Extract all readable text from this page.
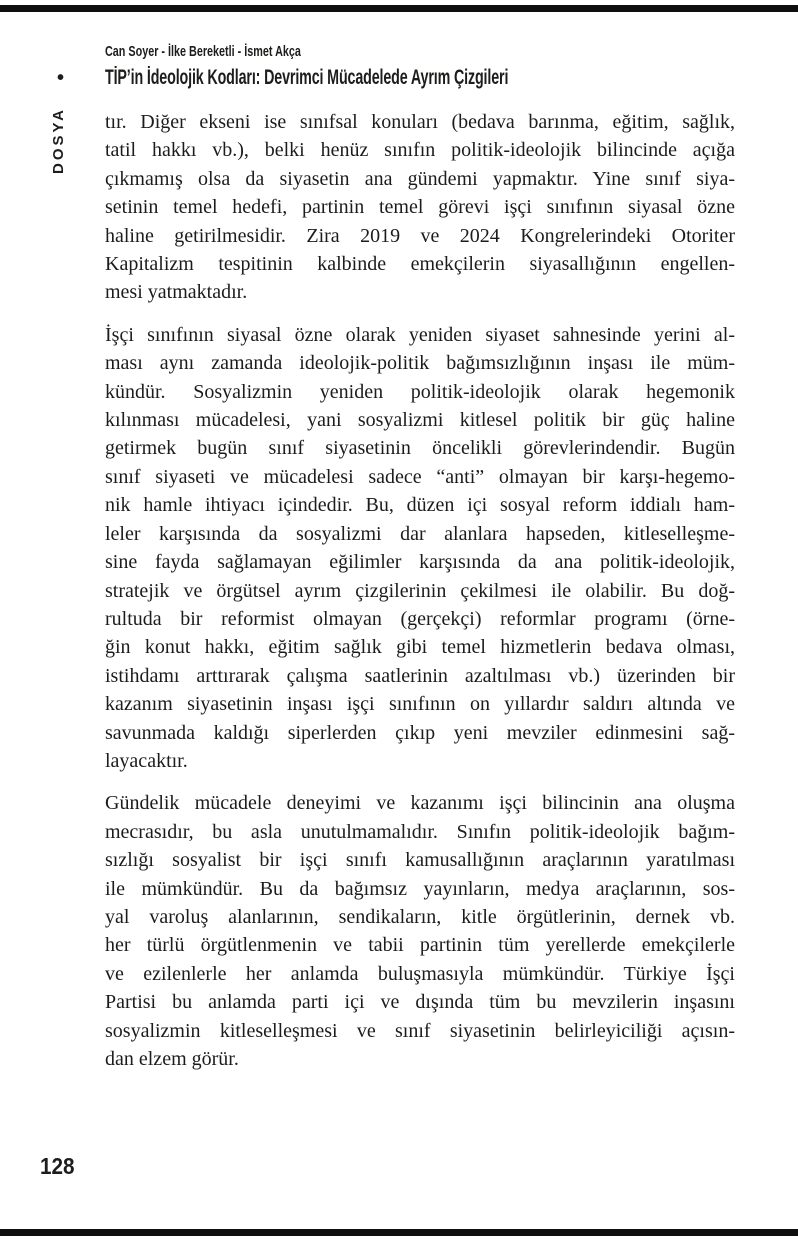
Can Soyer - İlke Bereketli - İsmet Akça
• TİP’in İdeolojik Kodları: Devrimci Mücadelede Ayrım Çizgileri
DOSYA tır. Diğer ekseni ise sınıfsal konuları (bedava barınma, eğitim, sağlık,
tatil hakkı vb.), belki henüz sınıfın politik-ideolojik bilincinde açığa
çıkmamış olsa da siyasetin ana gündemi yapmaktır. Yine sınıf siya-
setinin temel hedefi, partinin temel görevi işçi sınıfının siyasal özne
haline getirilmesidir. Zira 2019 ve 2024 Kongrelerindeki Otoriter
Kapitalizm tespitinin kalbinde emekçilerin siyasallığının engellen-
mesi yatmaktadır.
İşçi sınıfının siyasal özne olarak yeniden siyaset sahnesinde yerini al-
ması aynı zamanda ideolojik-politik bağımsızlığının inşası ile müm-
kündür. Sosyalizmin yeniden politik-ideolojik olarak hegemonik
kılınması mücadelesi, yani sosyalizmi kitlesel politik bir güç haline
getirmek bugün sınıf siyasetinin öncelikli görevlerindendir. Bugün
sınıf siyaseti ve mücadelesi sadece “anti” olmayan bir karşı-hegemo-
nik hamle ihtiyacı içindedir. Bu, düzen içi sosyal reform iddialı ham-
leler karşısında da sosyalizmi dar alanlara hapseden, kitleselleşme-
sine fayda sağlamayan eğilimler karşısında da ana politik-ideolojik,
stratejik ve örgütsel ayrım çizgilerinin çekilmesi ile olabilir. Bu doğ-
rultuda bir reformist olmayan (gerçekçi) reformlar programı (örne-
ğin konut hakkı, eğitim sağlık gibi temel hizmetlerin bedava olması,
istihdamı arttırarak çalışma saatlerinin azaltılması vb.) üzerinden bir
kazanım siyasetinin inşası işçi sınıfının on yıllardır saldırı altında ve
savunmada kaldığı siperlerden çıkıp yeni mevziler edinmesini sağ-
layacaktır.
Gündelik mücadele deneyimi ve kazanımı işçi bilincinin ana oluşma
mecrasıdır, bu asla unutulmamalıdır. Sınıfın politik-ideolojik bağım-
sızlığı sosyalist bir işçi sınıfı kamusallığının araçlarının yaratılması
ile mümkündür. Bu da bağımsız yayınların, medya araçlarının, sos-
yal varoluş alanlarının, sendikaların, kitle örgütlerinin, dernek vb.
her türlü örgütlenmenin ve tabii partinin tüm yerellerde emekçilerle
ve ezilenlerle her anlamda buluşmasıyla mümkündür. Türkiye İşçi
Partisi bu anlamda parti içi ve dışında tüm bu mevzilerin inşasını
sosyalizmin kitleselleşmesi ve sınıf siyasetinin belirleyiciliği açısın-
dan elzem görür.
128
